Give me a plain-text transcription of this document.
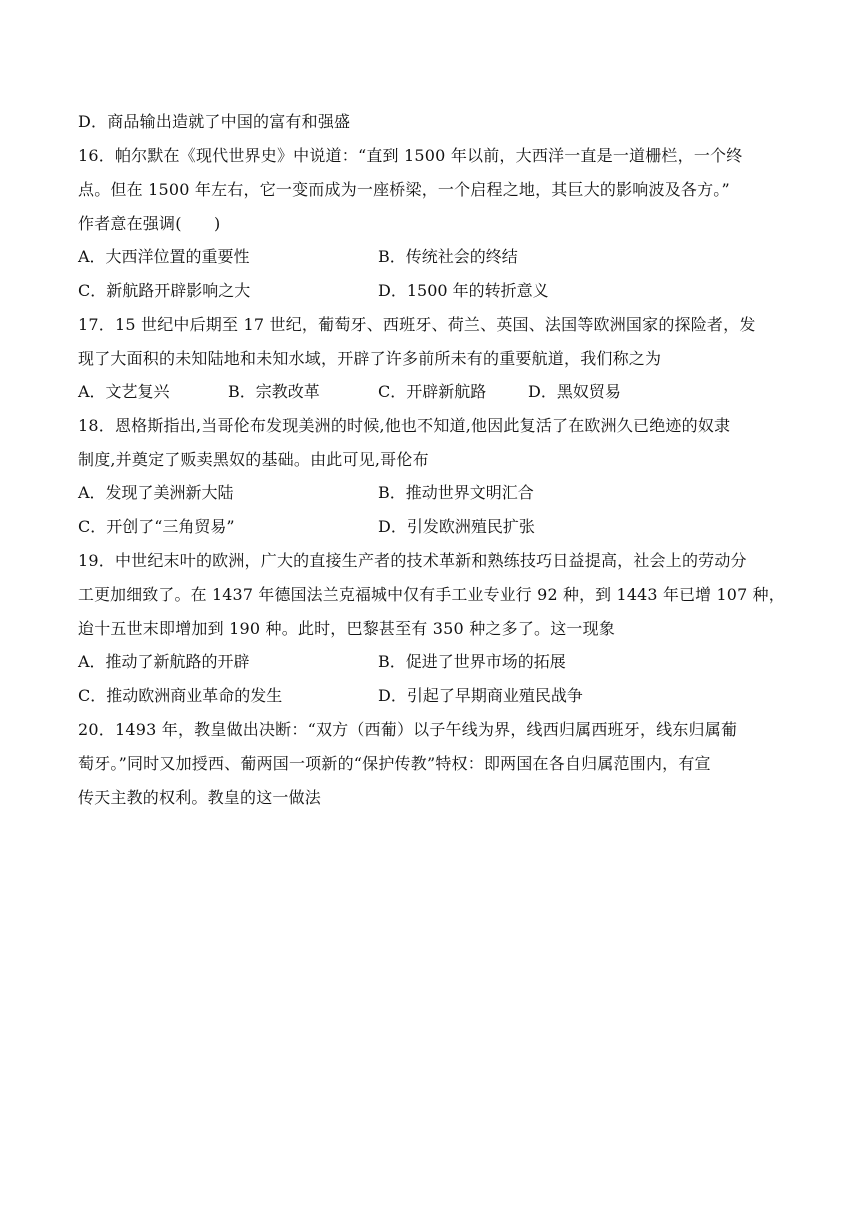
D．商品输出造就了中国的富有和强盛
16．帕尔默在《现代世界史》中说道：“直到 1500 年以前，大西洋一直是一道栅栏，一个终
点。但在 1500 年左右，它一变而成为一座桥梁，一个启程之地，其巨大的影响波及各方。”
作者意在强调(　　)
A．大西洋位置的重要性	B．传统社会的终结
C．新航路开辟影响之大	D．1500 年的转折意义
17．15 世纪中后期至 17 世纪，葡萄牙、西班牙、荷兰、英国、法国等欧洲国家的探险者，发
现了大面积的未知陆地和未知水域，开辟了许多前所未有的重要航道，我们称之为
A．文艺复兴	B．宗教改革	C．开辟新航路	D．黑奴贸易
18．恩格斯指出,当哥伦布发现美洲的时候,他也不知道,他因此复活了在欧洲久已绝迹的奴隶
制度,并奠定了贩卖黑奴的基础。由此可见,哥伦布
A．发现了美洲新大陆	B．推动世界文明汇合
C．开创了“三角贸易”	D．引发欧洲殖民扩张
19．中世纪末叶的欧洲，广大的直接生产者的技术革新和熟练技巧日益提高，社会上的劳动分
工更加细致了。在 1437 年德国法兰克福城中仅有手工业专业行 92 种，到 1443 年已增 107 种，
迨十五世末即增加到 190 种。此时，巴黎甚至有 350 种之多了。这一现象
A．推动了新航路的开辟	B．促进了世界市场的拓展
C．推动欧洲商业革命的发生	D．引起了早期商业殖民战争
20．1493 年，教皇做出决断：“双方（西葡）以子午线为界，线西归属西班牙，线东归属葡
萄牙。”同时又加授西、葡两国一项新的“保护传教”特权：即两国在各自归属范围内，有宣
传天主教的权利。教皇的这一做法
